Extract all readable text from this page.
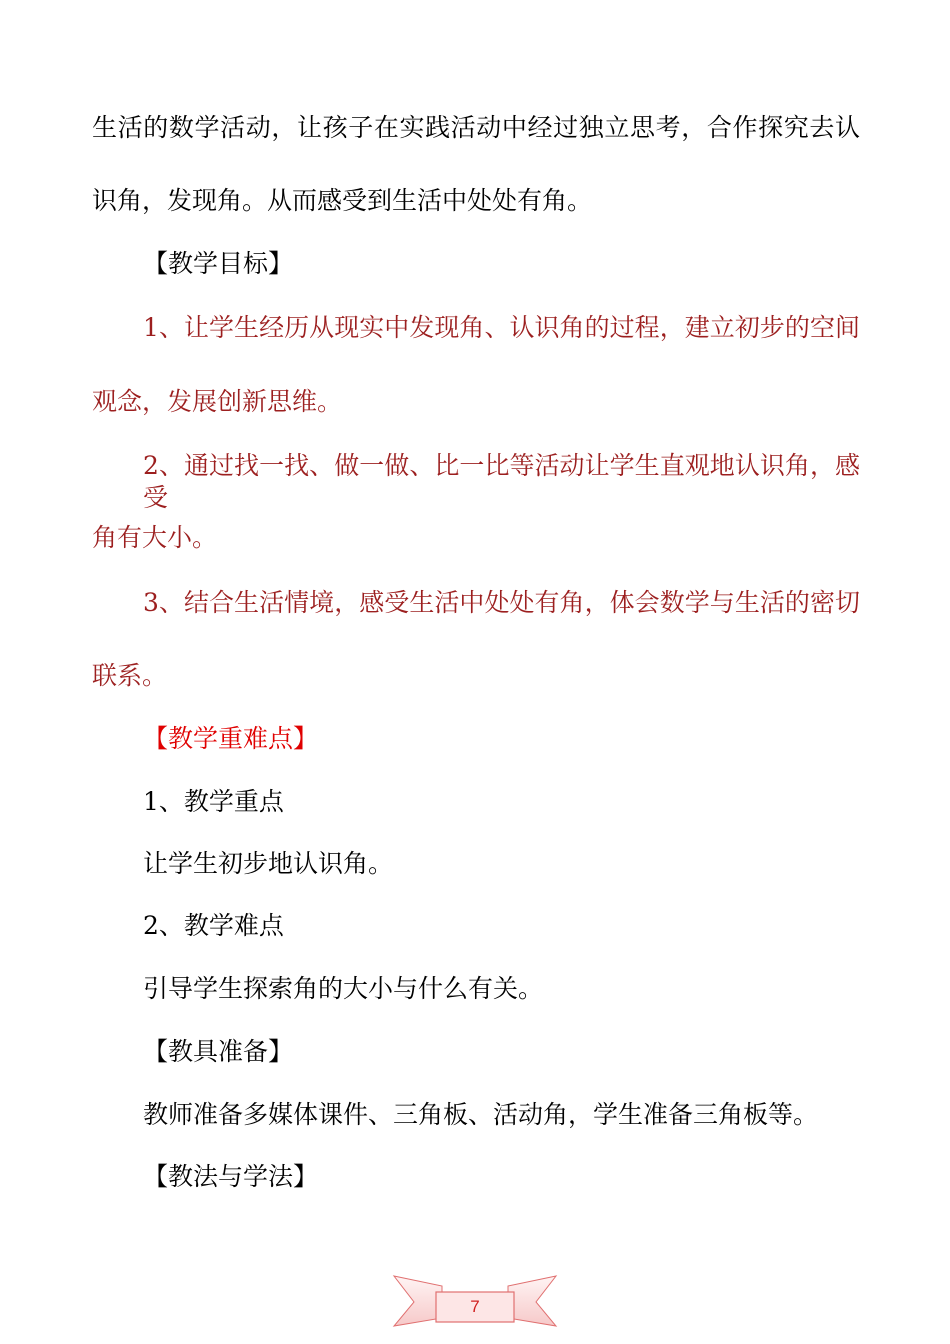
生活的数学活动，让孩子在实践活动中经过独立思考，合作探究去认
识角，发现角。从而感受到生活中处处有角。
【教学目标】
1、让学生经历从现实中发现角、认识角的过程，建立初步的空间
观念，发展创新思维。
2、通过找一找、做一做、比一比等活动让学生直观地认识角，感受
角有大小。
3、结合生活情境，感受生活中处处有角，体会数学与生活的密切
联系。
【教学重难点】
1、教学重点
让学生初步地认识角。
2、教学难点
引导学生探索角的大小与什么有关。
【教具准备】
教师准备多媒体课件、三角板、活动角，学生准备三角板等。
【教法与学法】
7
